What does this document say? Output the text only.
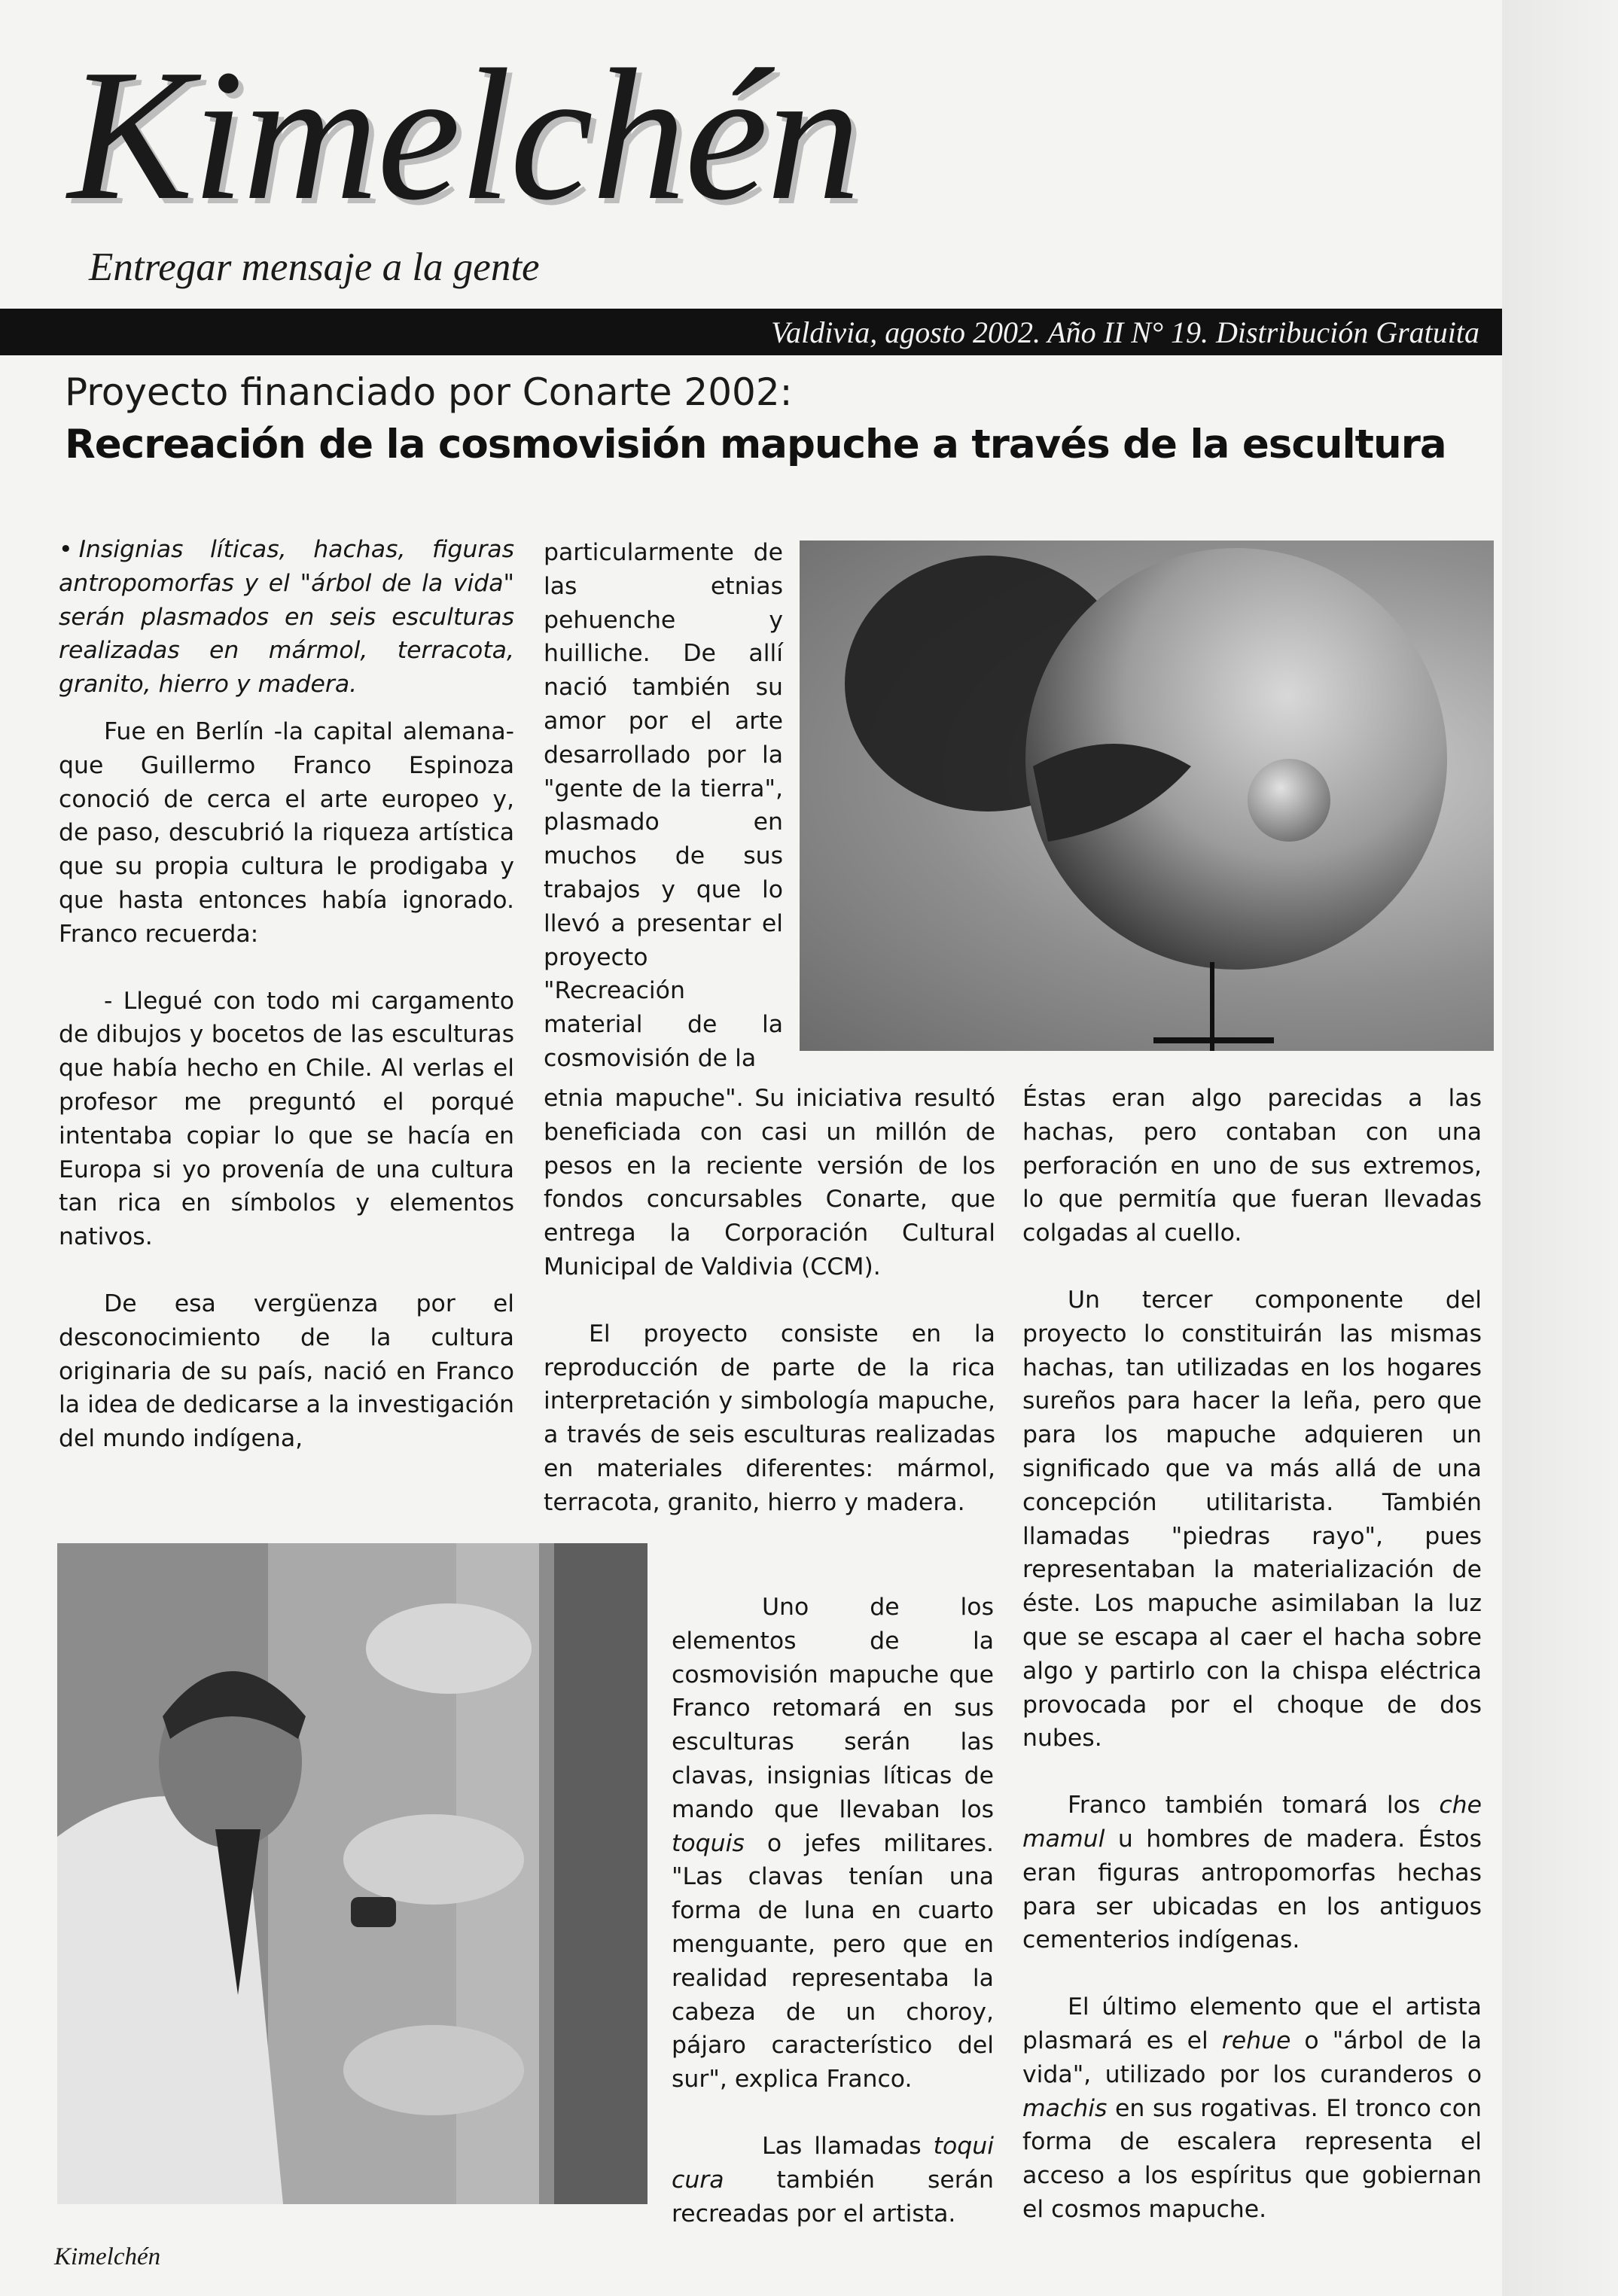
Kimelchén
Entregar mensaje a la gente
Valdivia, agosto 2002. Año II N° 19. Distribución Gratuita
Proyecto financiado por Conarte 2002:
Recreación de la cosmovisión mapuche a través de la escultura

• Insignias líticas, hachas, figuras antropomorfas y el "árbol de la vida" serán plasmados en seis esculturas realizadas en mármol, terracota, granito, hierro y madera.

Fue en Berlín -la capital alemana- que Guillermo Franco Espinoza conoció de cerca el arte europeo y, de paso, descubrió la riqueza artística que su propia cultura le prodigaba y que hasta entonces había ignorado. Franco recuerda:

- Llegué con todo mi cargamento de dibujos y bocetos de las esculturas que había hecho en Chile. Al verlas el profesor me preguntó el porqué intentaba copiar lo que se hacía en Europa si yo provenía de una cultura tan rica en símbolos y elementos nativos.

De esa vergüenza por el desconocimiento de la cultura originaria de su país, nació en Franco la idea de dedicarse a la investigación del mundo indígena,

particularmente de las etnias pehuenche y huilliche. De allí nació también su amor por el arte desarrollado por la "gente de la tierra", plasmado en muchos de sus trabajos y que lo llevó a presentar el proyecto "Recreación material de la cosmovisión de la

etnia mapuche". Su iniciativa resultó beneficiada con casi un millón de pesos en la reciente versión de los fondos concursables Conarte, que entrega la Corporación Cultural Municipal de Valdivia (CCM).

El proyecto consiste en la reproducción de parte de la rica interpretación y simbología mapuche, a través de seis esculturas realizadas en materiales diferentes: mármol, terracota, granito, hierro y madera.

Éstas eran algo parecidas a las hachas, pero contaban con una perforación en uno de sus extremos, lo que permitía que fueran llevadas colgadas al cuello.

Un tercer componente del proyecto lo constituirán las mismas hachas, tan utilizadas en los hogares sureños para hacer la leña, pero que para los mapuche adquieren un significado que va más allá de una concepción utilitarista. También llamadas "piedras rayo", pues representaban la materialización de éste. Los mapuche asimilaban la luz que se escapa al caer el hacha sobre algo y partirlo con la chispa eléctrica provocada por el choque de dos nubes.

Franco también tomará los che mamul u hombres de madera. Éstos eran figuras antropomorfas hechas para ser ubicadas en los antiguos cementerios indígenas.

El último elemento que el artista plasmará es el rehue o "árbol de la vida", utilizado por los curanderos o machis en sus rogativas. El tronco con forma de escalera representa el acceso a los espíritus que gobiernan el cosmos mapuche.

Uno de los elementos de la cosmovisión mapuche que Franco retomará en sus esculturas serán las clavas, insignias líticas de mando que llevaban los toquis o jefes militares. "Las clavas tenían una forma de luna en cuarto menguante, pero que en realidad representaba la cabeza de un choroy, pájaro característico del sur", explica Franco.

Las llamadas toqui cura también serán recreadas por el artista.

Kimelchén
